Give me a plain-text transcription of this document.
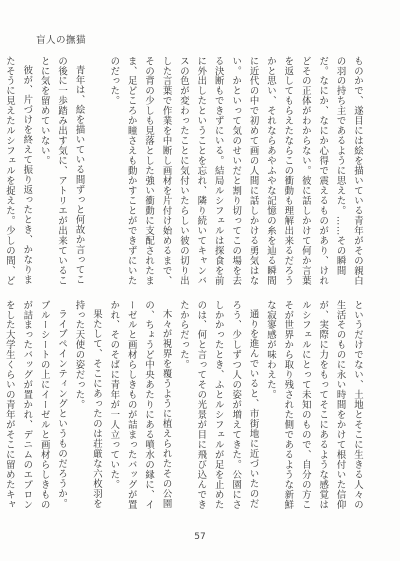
盲人の撫猫

ものかで、遂目には絵を描いている青年がその親白の羽の持ち主であるように思えた。……その瞬間だ。なにか、なにか心得で震えるものがあり、けれどその正体がわからない。彼に話しかけて何か言葉を返してもらえたならこの衝動も理解出来るだろうかと思い、それならあやふやな記憶の糸を辿る瞬間に近代の中で初めて画の人間に話しかける勇気はない。かといって気のせいだと割り切ってこの場を去る決断もできずにいる。結局ルシフェルは探食を前に外出したということを忘れ、隣り続いてキャンバスの色が変わったことに気付いたらしい彼の切り出した言葉で作業を中断し画材を片付け始めるまで、その背の少しも見落とした強い衝動に支配されたまま、足どころか瞳さえも動かすことができずにいたのだった。

青年は、絵を描いている間ずっと何故か言ってこの後に一歩踏み出す気に、アトリエが出来ていることに気を留めていない。

彼が、片づけを終えて振り返ったとき、かなりまたそうに見えたルシフェルを捉えた。少しの間、ど

というだけでない、土地とそこに生きる人々の生活そのものに永い時間をかけて根付いた信仰が、実際に力をもってそこにあるような感覚はルシフェルにとって未知のもので、自分の方こそが世界から取り残された側であるような新鮮な寂寥感が味わえた。

通りを進んでいると、市街地に近づいたのだろう、少しずつ人の姿が増えてきた。公園にさしかかったとき、ふとルシフェルが足を止めたのは、何と言ってその光景が目に飛び込んできたからだった。

木々が視界を覆うように植えられたその公園の、ちょうど中央あたりにある噴水の縁に、イーゼルと画材らしきものが詰まったバッグが置かれ、そのそばに青年が一人立っていた。

果たして、そこにあったのは荘厳な六枚羽を持った天使の姿だった。

ライブペインティングというものだろうか。ブルーシートの上にイーゼルと画材らしきものが詰まったバッグが置かれ、デニムのエプロンをした大学生くらいの青年がそこに留めたキャ

57
